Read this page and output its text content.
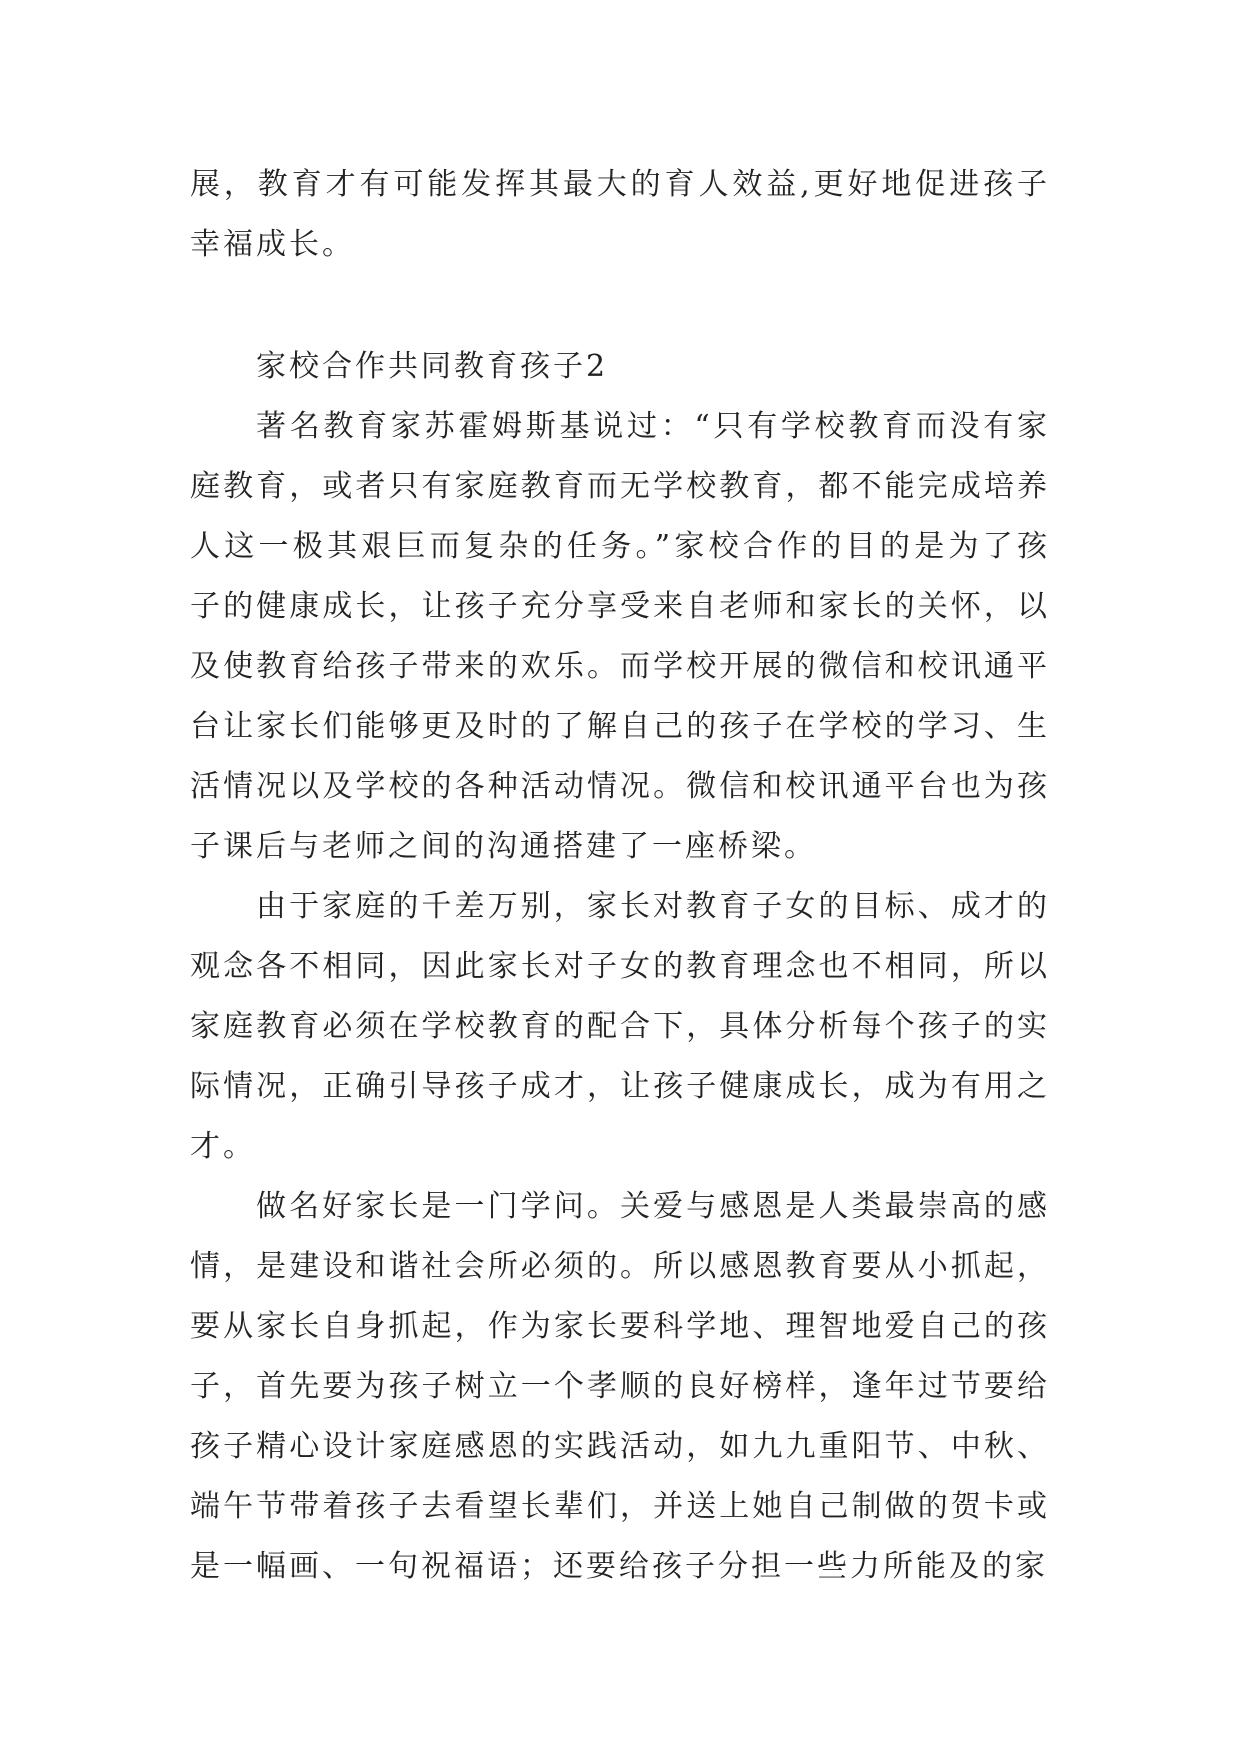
展，教育才有可能发挥其最大的育人效益,更好地促进孩子幸福成长。

家校合作共同教育孩子2

著名教育家苏霍姆斯基说过：“只有学校教育而没有家庭教育，或者只有家庭教育而无学校教育，都不能完成培养人这一极其艰巨而复杂的任务。”家校合作的目的是为了孩子的健康成长，让孩子充分享受来自老师和家长的关怀，以及使教育给孩子带来的欢乐。而学校开展的微信和校讯通平台让家长们能够更及时的了解自己的孩子在学校的学习、生活情况以及学校的各种活动情况。微信和校讯通平台也为孩子课后与老师之间的沟通搭建了一座桥梁。

由于家庭的千差万别，家长对教育子女的目标、成才的观念各不相同，因此家长对子女的教育理念也不相同，所以家庭教育必须在学校教育的配合下，具体分析每个孩子的实际情况，正确引导孩子成才，让孩子健康成长，成为有用之才。

做名好家长是一门学问。关爱与感恩是人类最崇高的感情，是建设和谐社会所必须的。所以感恩教育要从小抓起，要从家长自身抓起，作为家长要科学地、理智地爱自己的孩子，首先要为孩子树立一个孝顺的良好榜样，逢年过节要给孩子精心设计家庭感恩的实践活动，如九九重阳节、中秋、端午节带着孩子去看望长辈们，并送上她自己制做的贺卡或是一幅画、一句祝福语；还要给孩子分担一些力所能及的家
